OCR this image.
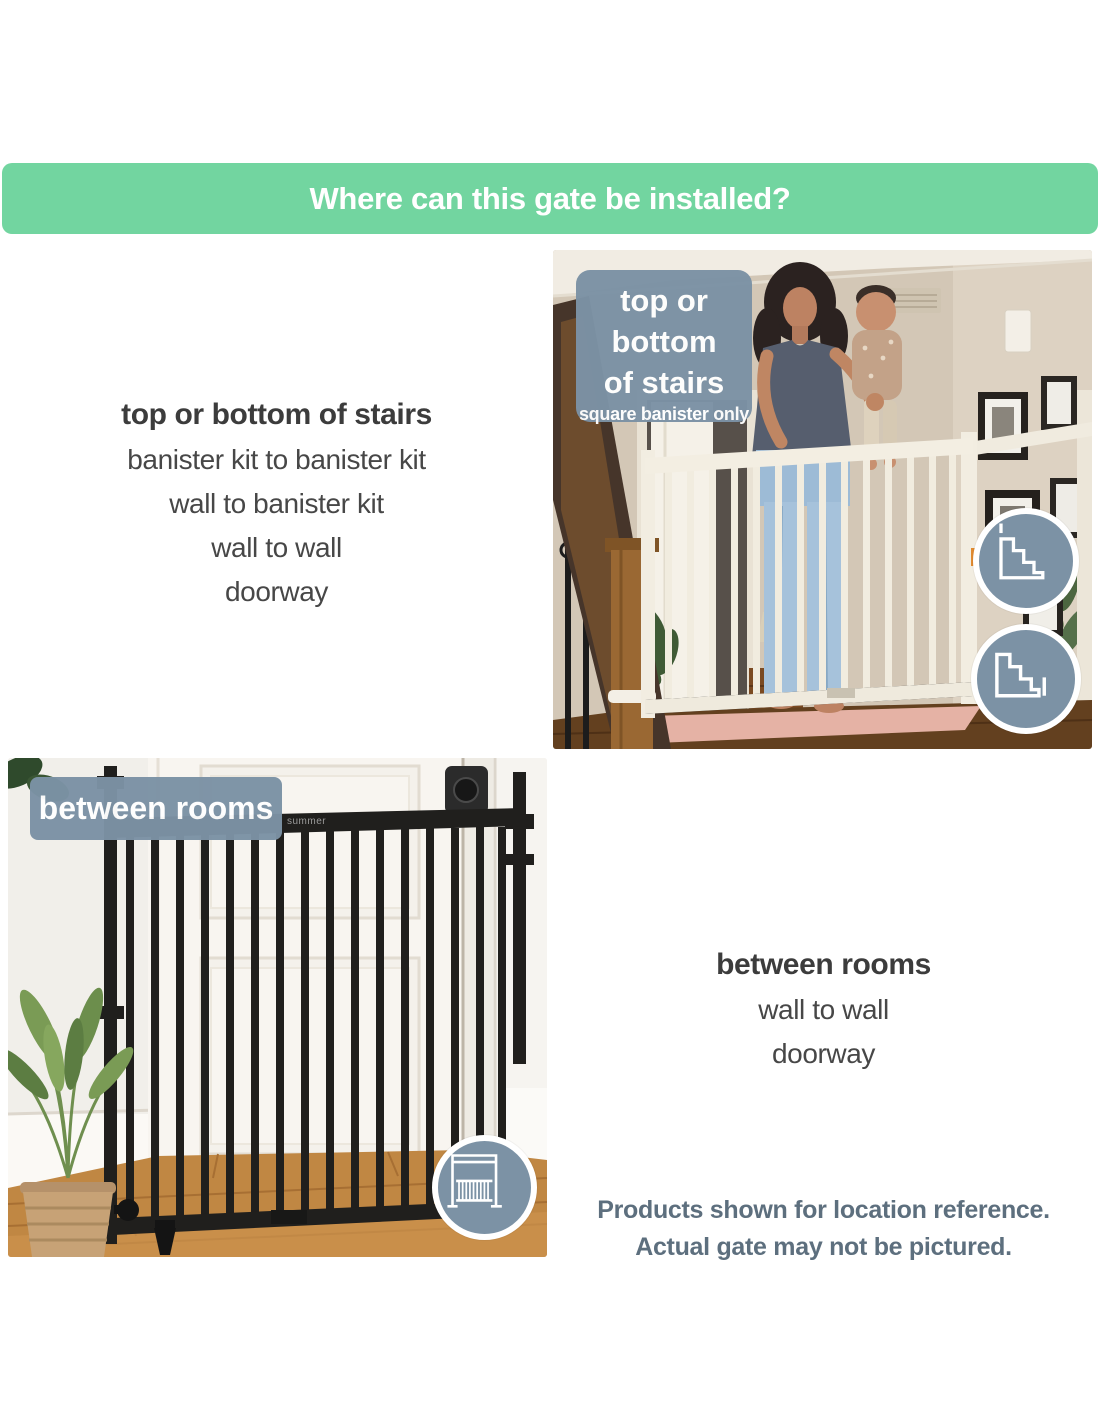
Where can this gate be installed?
top or bottom of stairs
banister kit to banister kit
wall to banister kit
wall to wall
doorway
top or
bottom
of stairs
square banister only
between rooms	summer
between rooms
wall to wall
doorway
Products shown for location reference.
Actual gate may not be pictured.
